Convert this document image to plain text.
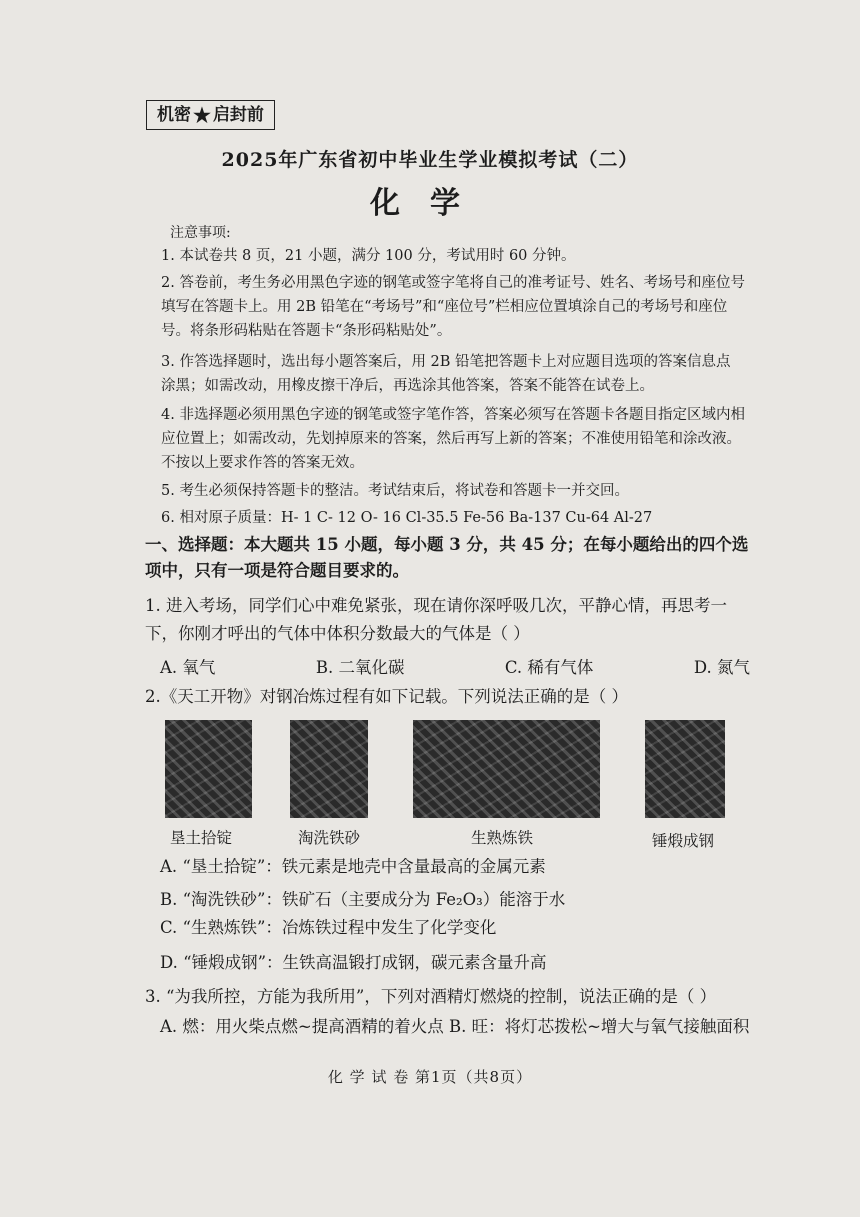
机密 ★ 启封前
2025年广东省初中毕业生学业模拟考试（二）
化学
注意事项:
1. 本试卷共 8 页，21 小题，满分 100 分，考试用时 60 分钟。
2. 答卷前，考生务必用黑色字迹的钢笔或签字笔将自己的准考证号、姓名、考场号和座位号填写在答题卡上。用 2B 铅笔在“考场号”和“座位号”栏相应位置填涂自己的考场号和座位号。将条形码粘贴在答题卡“条形码粘贴处”。
3. 作答选择题时，选出每小题答案后，用 2B 铅笔把答题卡上对应题目选项的答案信息点涂黑；如需改动，用橡皮擦干净后，再选涂其他答案，答案不能答在试卷上。
4. 非选择题必须用黑色字迹的钢笔或签字笔作答，答案必须写在答题卡各题目指定区域内相应位置上；如需改动，先划掉原来的答案，然后再写上新的答案；不准使用铅笔和涂改液。不按以上要求作答的答案无效。
5. 考生必须保持答题卡的整洁。考试结束后，将试卷和答题卡一并交回。
6. 相对原子质量：H- 1 C- 12 O- 16 Cl-35.5 Fe-56 Ba-137 Cu-64 Al-27
一、选择题：本大题共 15 小题，每小题 3 分，共 45 分；在每小题给出的四个选项中，只有一项是符合题目要求的。
1. 进入考场，同学们心中难免紧张，现在请你深呼吸几次，平静心情，再思考一下，你刚才呼出的气体中体积分数最大的气体是（ ）
A. 氧气	B. 二氧化碳	C. 稀有气体	D. 氮气
2.《天工开物》对钢冶炼过程有如下记载。下列说法正确的是（ ）
垦土拾锭	淘洗铁砂	生熟炼铁	锤煅成钢
A. “垦土拾锭”：铁元素是地壳中含量最高的金属元素
B. “淘洗铁砂”：铁矿石（主要成分为 Fe₂O₃）能溶于水
C. “生熟炼铁”：冶炼铁过程中发生了化学变化
D. “锤煅成钢”：生铁高温锻打成钢，碳元素含量升高
3. “为我所控，方能为我所用”，下列对酒精灯燃烧的控制，说法正确的是（ ）
A. 燃：用火柴点燃~提高酒精的着火点 B. 旺：将灯芯拨松~增大与氧气接触面积
化 学 试 卷 第1页（共8页）
